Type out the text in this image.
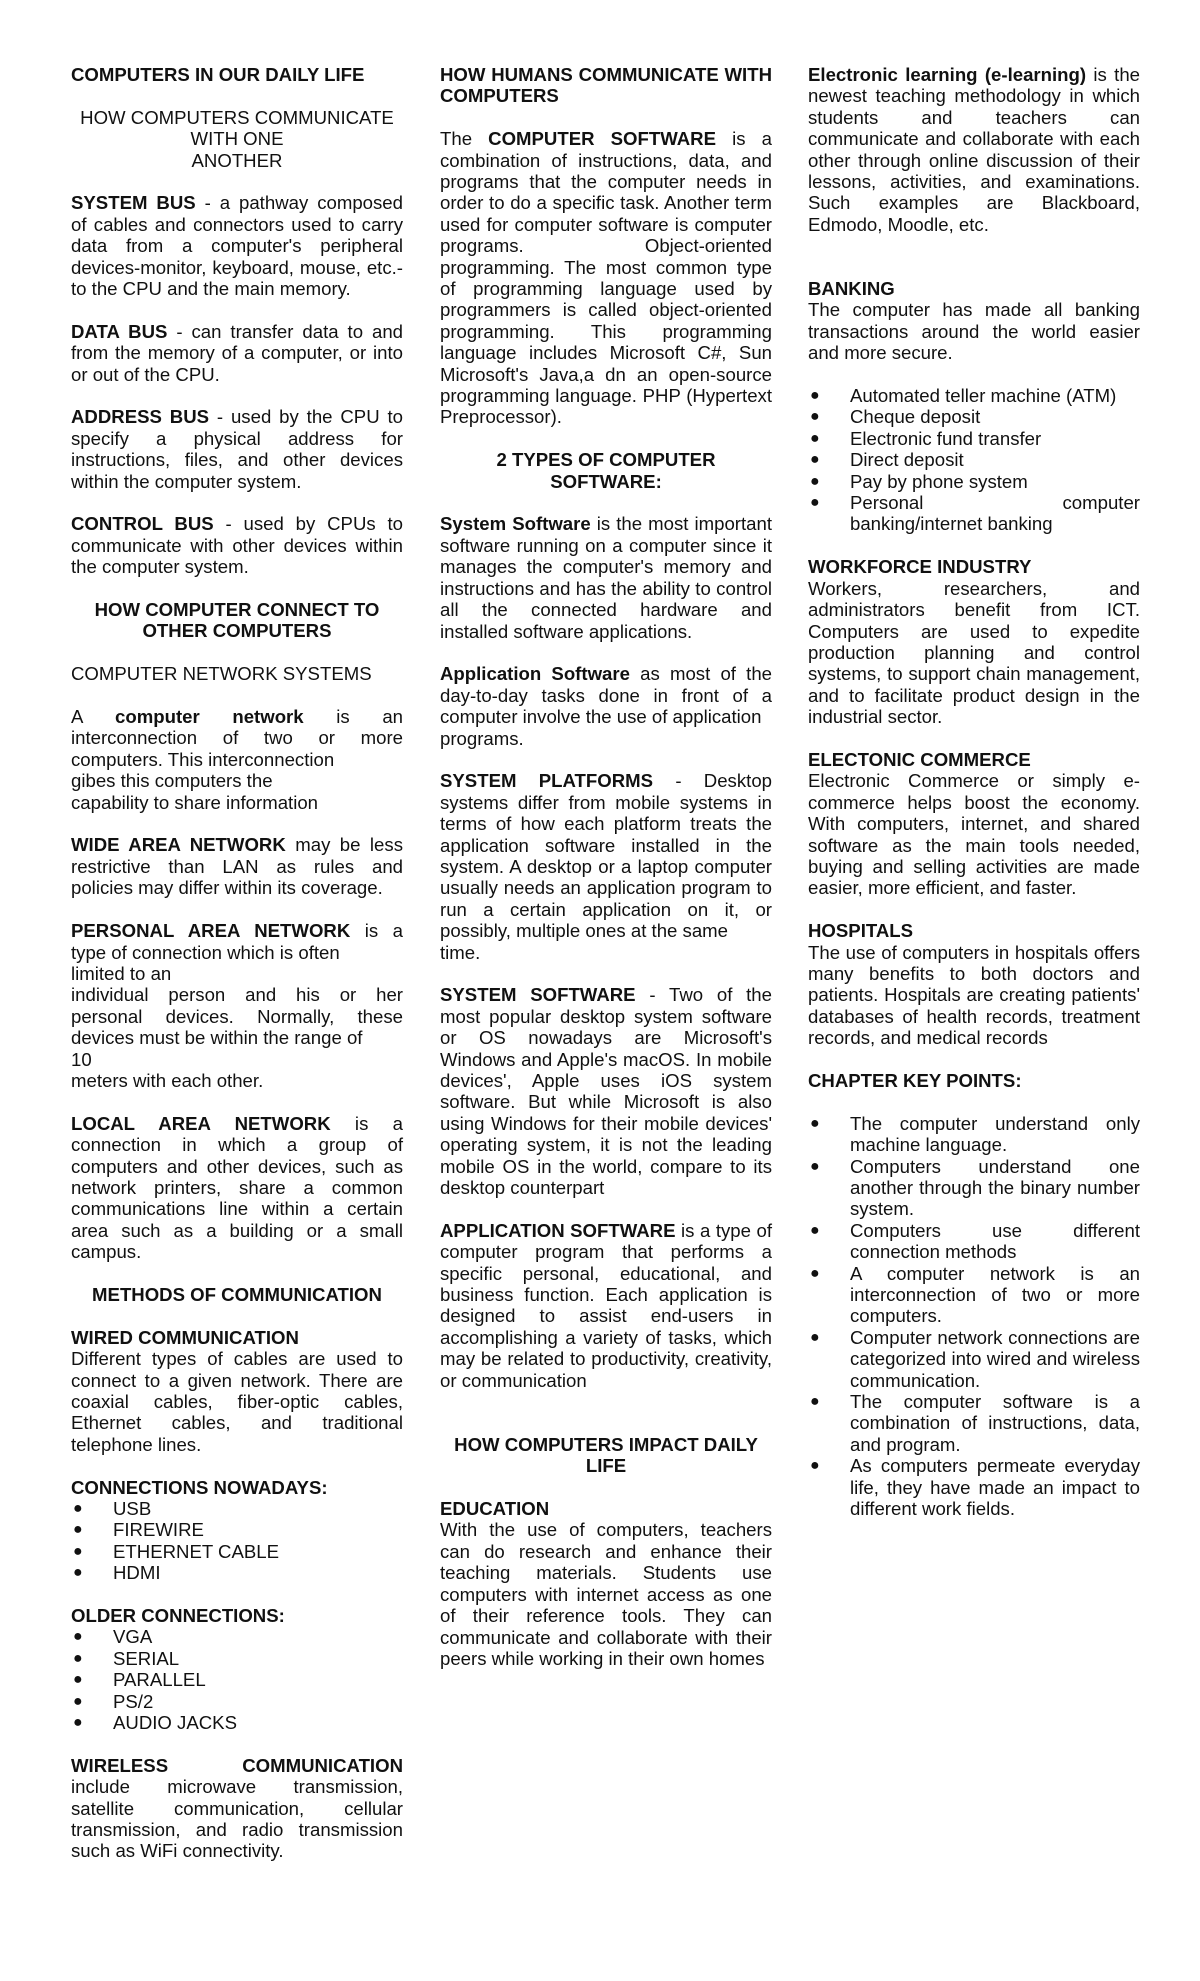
COMPUTERS IN OUR DAILY LIFE

HOW COMPUTERS COMMUNICATE
WITH ONE
ANOTHER

SYSTEM BUS - a pathway composed of cables and connectors used to carry data from a computer's peripheral devices-monitor, keyboard, mouse, etc.-to the CPU and the main memory.

DATA BUS - can transfer data to and from the memory of a computer, or into or out of the CPU.

ADDRESS BUS - used by the CPU to specify a physical address for instructions, files, and other devices within the computer system.

CONTROL BUS - used by CPUs to communicate with other devices within the computer system.

HOW COMPUTER CONNECT TO OTHER COMPUTERS

COMPUTER NETWORK SYSTEMS

A computer network is an interconnection of two or more computers. This interconnection
gibes this computers the
capability to share information

WIDE AREA NETWORK may be less restrictive than LAN as rules and policies may differ within its coverage.

PERSONAL AREA NETWORK is a type of connection which is often
limited to an
individual person and his or her personal devices. Normally, these devices must be within the range of
10
meters with each other.

LOCAL AREA NETWORK is a connection in which a group of computers and other devices, such as network printers, share a common communications line within a certain area such as a building or a small campus.

METHODS OF COMMUNICATION

WIRED COMMUNICATION

Different types of cables are used to connect to a given network. There are coaxial cables, fiber-optic cables, Ethernet cables, and traditional telephone lines.

CONNECTIONS NOWADAYS:

● USB
● FIREWIRE
● ETHERNET CABLE
● HDMI

OLDER CONNECTIONS:

● VGA
● SERIAL
● PARALLEL
● PS/2
● AUDIO JACKS

WIRELESS COMMUNICATION

include microwave transmission, satellite communication, cellular transmission, and radio transmission such as WiFi connectivity.

HOW HUMANS COMMUNICATE WITH COMPUTERS

The COMPUTER SOFTWARE is a combination of instructions, data, and programs that the computer needs in order to do a specific task. Another term used for computer software is computer programs. Object-oriented programming. The most common type of programming language used by programmers is called object-oriented programming. This programming language includes Microsoft C#, Sun Microsoft's Java,a dn an open-source programming language. PHP (Hypertext Preprocessor).

2 TYPES OF COMPUTER SOFTWARE:

System Software is the most important software running on a computer since it manages the computer's memory and instructions and has the ability to control all the connected hardware and installed software applications.

Application Software as most of the day-to-day tasks done in front of a computer involve the use of application
programs.

SYSTEM PLATFORMS - Desktop systems differ from mobile systems in terms of how each platform treats the application software installed in the system. A desktop or a laptop computer usually needs an application program to run a certain application on it, or possibly, multiple ones at the same
time.

SYSTEM SOFTWARE - Two of the most popular desktop system software or OS nowadays are Microsoft's Windows and Apple's macOS. In mobile devices', Apple uses iOS system software. But while Microsoft is also using Windows for their mobile devices' operating system, it is not the leading mobile OS in the world, compare to its desktop counterpart

APPLICATION SOFTWARE is a type of computer program that performs a specific personal, educational, and business function. Each application is designed to assist end-users in accomplishing a variety of tasks, which may be related to productivity, creativity, or communication

HOW COMPUTERS IMPACT DAILY LIFE

EDUCATION

With the use of computers, teachers can do research and enhance their teaching materials. Students use computers with internet access as one of their reference tools. They can communicate and collaborate with their peers while working in their own homes

Electronic learning (e-learning) is the newest teaching methodology in which students and teachers can communicate and collaborate with each other through online discussion of their lessons, activities, and examinations. Such examples are Blackboard, Edmodo, Moodle, etc.

BANKING

The computer has made all banking transactions around the world easier and more secure.

● Automated teller machine (ATM)
● Cheque deposit
● Electronic fund transfer
● Direct deposit
● Pay by phone system
● Personal computer banking/internet banking

WORKFORCE INDUSTRY

Workers, researchers, and administrators benefit from ICT. Computers are used to expedite production planning and control systems, to support chain management, and to facilitate product design in the industrial sector.

ELECTONIC COMMERCE

Electronic Commerce or simply e-commerce helps boost the economy. With computers, internet, and shared software as the main tools needed, buying and selling activities are made easier, more efficient, and faster.

HOSPITALS

The use of computers in hospitals offers many benefits to both doctors and patients. Hospitals are creating patients' databases of health records, treatment records, and medical records

CHAPTER KEY POINTS:

● The computer understand only machine language.
● Computers understand one another through the binary number system.
● Computers use different connection methods
● A computer network is an interconnection of two or more computers.
● Computer network connections are categorized into wired and wireless communication.
● The computer software is a combination of instructions, data, and program.
● As computers permeate everyday life, they have made an impact to different work fields.
